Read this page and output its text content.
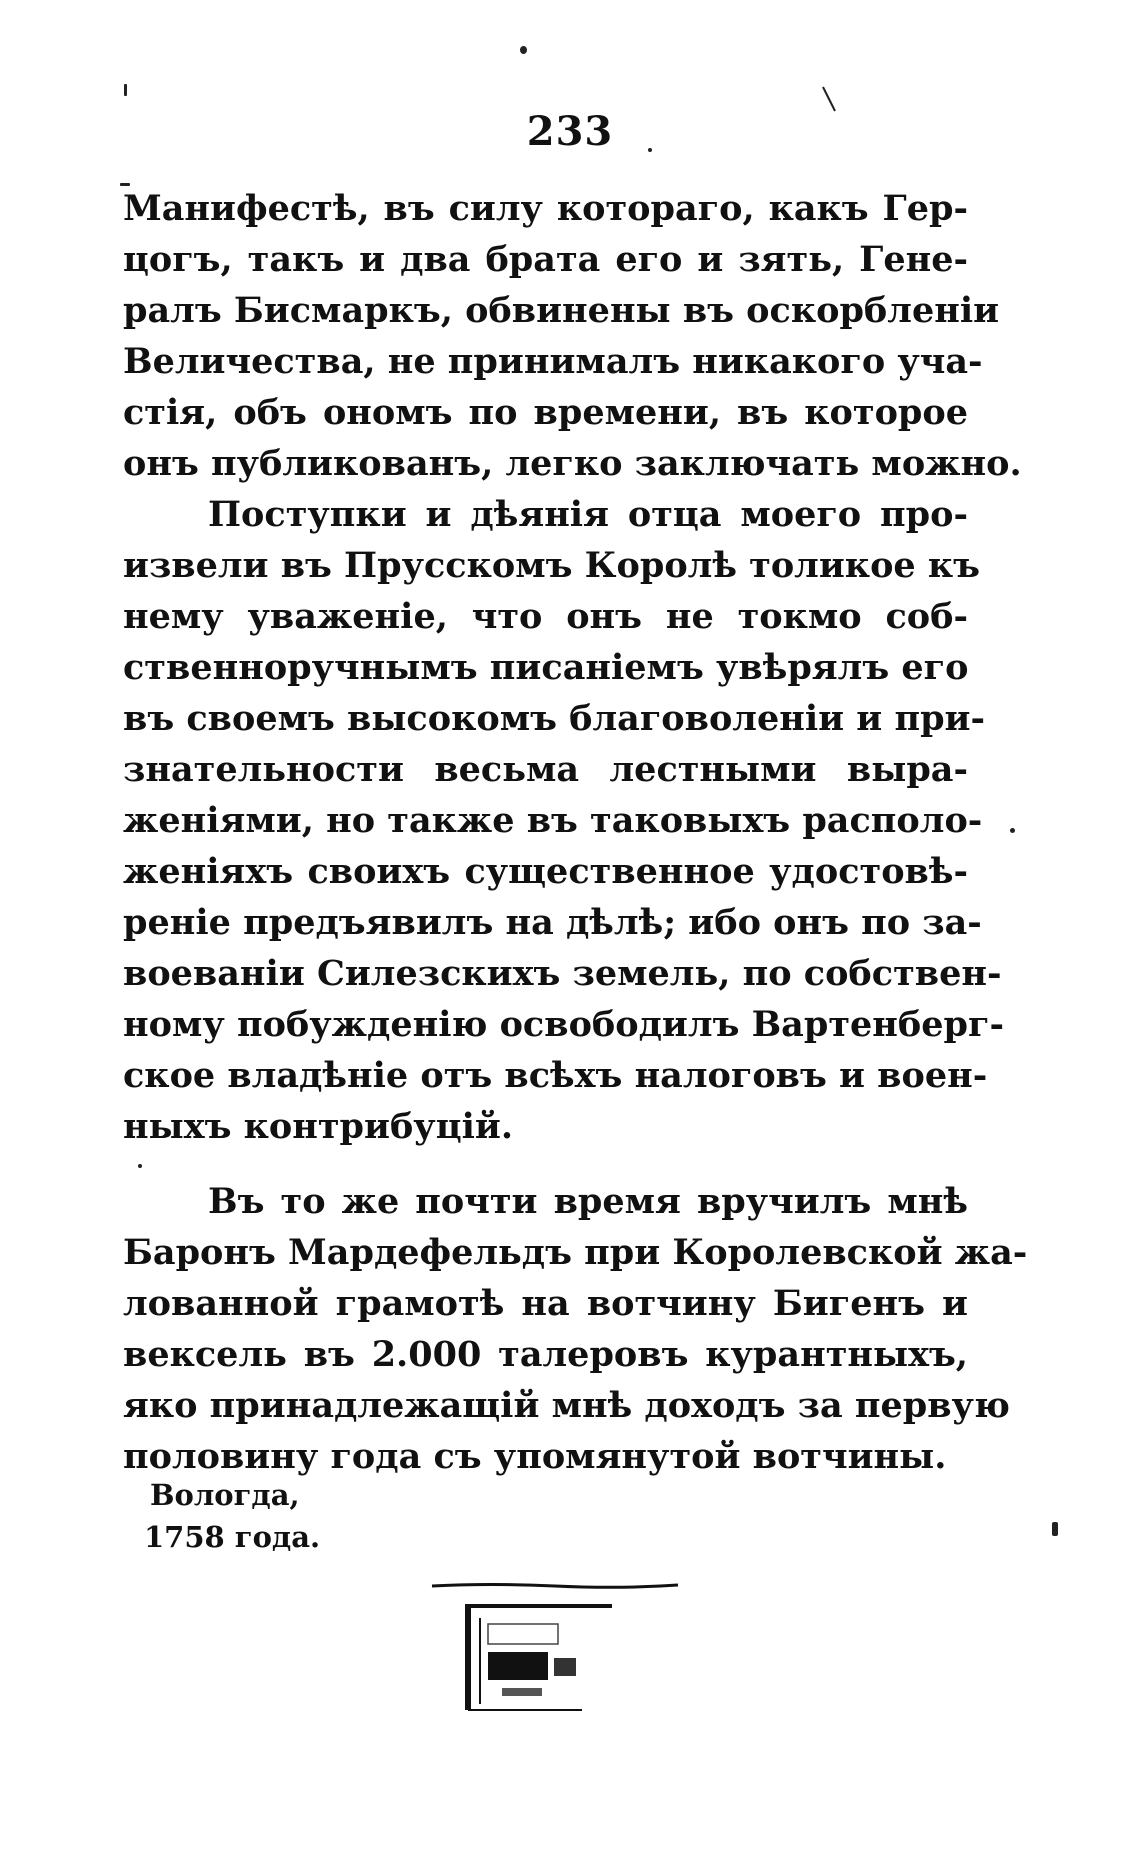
233
Манифестѣ, въ силу котораго, какъ Гер-
цогъ, такъ и два брата его и зять, Гене-
ралъ Бисмаркъ, обвинены въ оскорбленіи
Величества, не принималъ никакого уча-
стія, объ ономъ по времени, въ которое
онъ публикованъ, легко заключать можно.
Поступки и дѣянія отца моего про-
извели въ Прусскомъ Королѣ толикое къ
нему уваженіе, что онъ не токмо соб-
ственноручнымъ писаніемъ увѣрялъ его
въ своемъ высокомъ благоволеніи и при-
знательности весьма лестными выра-
женіями, но также въ таковыхъ располо-
женіяхъ своихъ существенное удостовѣ-
реніе предъявилъ на дѣлѣ; ибо онъ по за-
воеваніи Силезскихъ земель, по собствен-
ному побужденію освободилъ Вартенберг-
ское владѣніе отъ всѣхъ налоговъ и воен-
ныхъ контрибуцій.
Въ то же почти время вручилъ мнѣ
Баронъ Мардефельдъ при Королевской жа-
лованной грамотѣ на вотчину Бигенъ и
вексель въ 2.000 талеровъ курантныхъ,
яко принадлежащій мнѣ доходъ за первую
половину года съ упомянутой вотчины.
Вологда,
1758 года.
